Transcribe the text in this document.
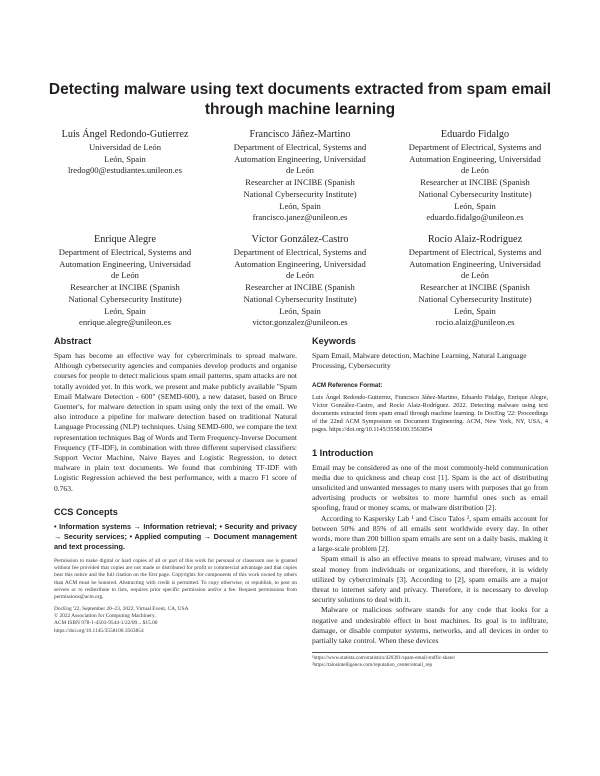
Detecting malware using text documents extracted from spam email through machine learning
Luis Ángel Redondo-Gutierrez
Universidad de León
León, Spain
lredog00@estudiantes.unileon.es
Francisco Jáñez-Martino
Department of Electrical, Systems and
Automation Engineering, Universidad
de León
Researcher at INCIBE (Spanish
National Cybersecurity Institute)
León, Spain
francisco.janez@unileon.es
Eduardo Fidalgo
Department of Electrical, Systems and
Automation Engineering, Universidad
de León
Researcher at INCIBE (Spanish
National Cybersecurity Institute)
León, Spain
eduardo.fidalgo@unileon.es
Enrique Alegre
Department of Electrical, Systems and
Automation Engineering, Universidad
de León
Researcher at INCIBE (Spanish
National Cybersecurity Institute)
León, Spain
enrique.alegre@unileon.es
Víctor González-Castro
Department of Electrical, Systems and
Automation Engineering, Universidad
de León
Researcher at INCIBE (Spanish
National Cybersecurity Institute)
León, Spain
victor.gonzalez@unileon.es
Rocío Alaiz-Rodríguez
Department of Electrical, Systems and
Automation Engineering, Universidad
de León
Researcher at INCIBE (Spanish
National Cybersecurity Institute)
León, Spain
rocio.alaiz@unileon.es
Abstract

Spam has become an effective way for cybercriminals to spread malware. Although cybersecurity agencies and companies develop products and organise courses for people to detect malicious spam email patterns, spam attacks are not totally avoided yet. In this work, we present and make publicly available "Spam Email Malware Detection - 600" (SEMD-600), a new dataset, based on Bruce Guenter's, for malware detection in spam using only the text of the email. We also introduce a pipeline for malware detection based on traditional Natural Language Processing (NLP) techniques. Using SEMD-600, we compare the text representation techniques Bag of Words and Term Frequency-Inverse Document Frequency (TF-IDF), in combination with three different supervised classifiers: Support Vector Machine, Naive Bayes and Logistic Regression, to detect malware in plain text documents. We found that combining TF-IDF with Logistic Regression achieved the best performance, with a macro F1 score of 0.763.

CCS Concepts
• Information systems → Information retrieval; • Security and privacy → Security services; • Applied computing → Document management and text processing.

Permission to make digital or hard copies of all or part of this work for personal or classroom use is granted without fee provided that copies are not made or distributed for profit or commercial advantage and that copies bear this notice and the full citation on the first page. Copyrights for components of this work owned by others than ACM must be honored. Abstracting with credit is permitted. To copy otherwise, or republish, to post on servers or to redistribute to lists, requires prior specific permission and/or a fee. Request permissions from permissions@acm.org.

DocEng '22, September 20–23, 2022, Virtual Event, CA, USA
© 2022 Association for Computing Machinery.
ACM ISBN 978-1-4503-9544-1/22/09... $15.00
https://doi.org/10.1145/3558100.3563854
Keywords

Spam Email, Malware detection, Machine Learning, Natural Language Processing, Cybersecurity

ACM Reference Format:
Luis Ángel Redondo-Gutierrez, Francisco Jáñez-Martino, Eduardo Fidalgo, Enrique Alegre, Víctor González-Castro, and Rocío Alaiz-Rodríguez. 2022. Detecting malware using text documents extracted from spam email through machine learning. In DocEng '22: Proceedings of the 22nd ACM Symposium on Document Engineering. ACM, New York, NY, USA, 4 pages. https://doi.org/10.1145/3558100.3563854
1 Introduction

Email may be considered as one of the most commonly-held communication media due to quickness and cheap cost [1]. Spam is the act of distributing unsolicited and unwanted messages to many users with purposes that go from advertising products or websites to more harmful ones such as email spoofing, fraud or money scams, or malware distribution [2].

According to Kaspersky Lab ¹ and Cisco Talos ², spam emails account for between 50% and 85% of all emails sent worldwide every day. In other words, more than 200 billion spam emails are sent on a daily basis, making it a large-scale problem [2].

Spam email is also an effective means to spread malware, viruses and to steal money from individuals or organizations, and therefore, it is widely utilized by cybercriminals [3]. According to [2], spam emails are a major threat to internet safety and privacy. Therefore, it is necessary to develop security solutions to deal with it.

Malware or malicious software stands for any code that looks for a negative and undesirable effect in host machines. Its goal is to infiltrate, damage, or disable computer systems, networks, and all devices in order to partially take control. When these devices

¹https://www.statista.com/statistics/420391/spam-email-traffic-share/
²https://talosintelligence.com/reputation_center/email_rep
